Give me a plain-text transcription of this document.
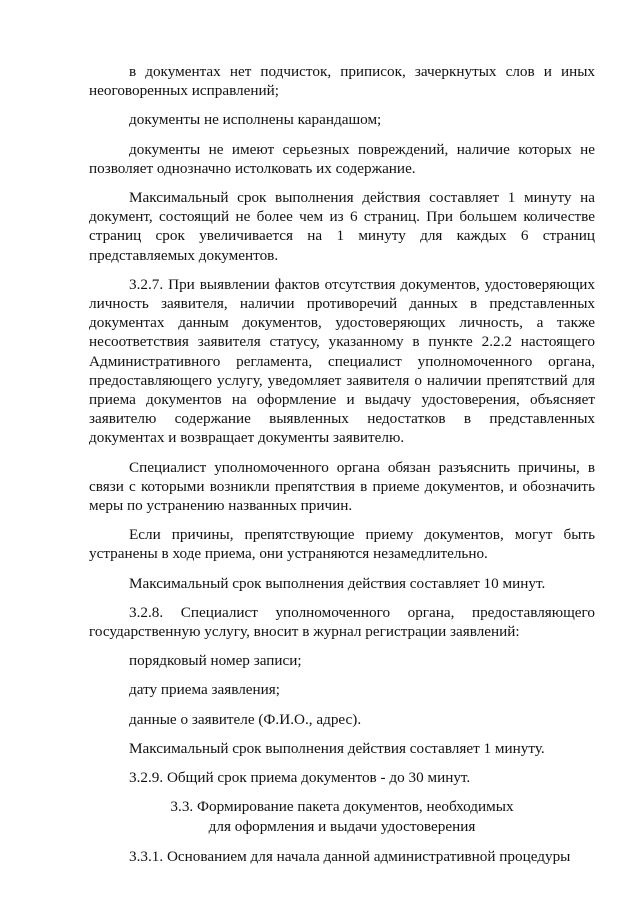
в документах нет подчисток, приписок, зачеркнутых слов и иных неоговоренных исправлений;

документы не исполнены карандашом;

документы не имеют серьезных повреждений, наличие которых не позволяет однозначно истолковать их содержание.

Максимальный срок выполнения действия составляет 1 минуту на документ, состоящий не более чем из 6 страниц. При большем количестве страниц срок увеличивается на 1 минуту для каждых 6 страниц представляемых документов.

3.2.7. При выявлении фактов отсутствия документов, удостоверяющих личность заявителя, наличии противоречий данных в представленных документах данным документов, удостоверяющих личность, а также несоответствия заявителя статусу, указанному в пункте 2.2.2 настоящего Административного регламента, специалист уполномоченного органа, предоставляющего услугу, уведомляет заявителя о наличии препятствий для приема документов на оформление и выдачу удостоверения, объясняет заявителю содержание выявленных недостатков в представленных документах и возвращает документы заявителю.

Специалист уполномоченного органа обязан разъяснить причины, в связи с которыми возникли препятствия в приеме документов, и обозначить меры по устранению названных причин.

Если причины, препятствующие приему документов, могут быть устранены в ходе приема, они устраняются незамедлительно.

Максимальный срок выполнения действия составляет 10 минут.

3.2.8. Специалист уполномоченного органа, предоставляющего государственную услугу, вносит в журнал регистрации заявлений:

порядковый номер записи;

дату приема заявления;

данные о заявителе (Ф.И.О., адрес).

Максимальный срок выполнения действия составляет 1 минуту.

3.2.9. Общий срок приема документов - до 30 минут.

3.3. Формирование пакета документов, необходимых
для оформления и выдачи удостоверения

3.3.1. Основанием для начала данной административной процедуры
